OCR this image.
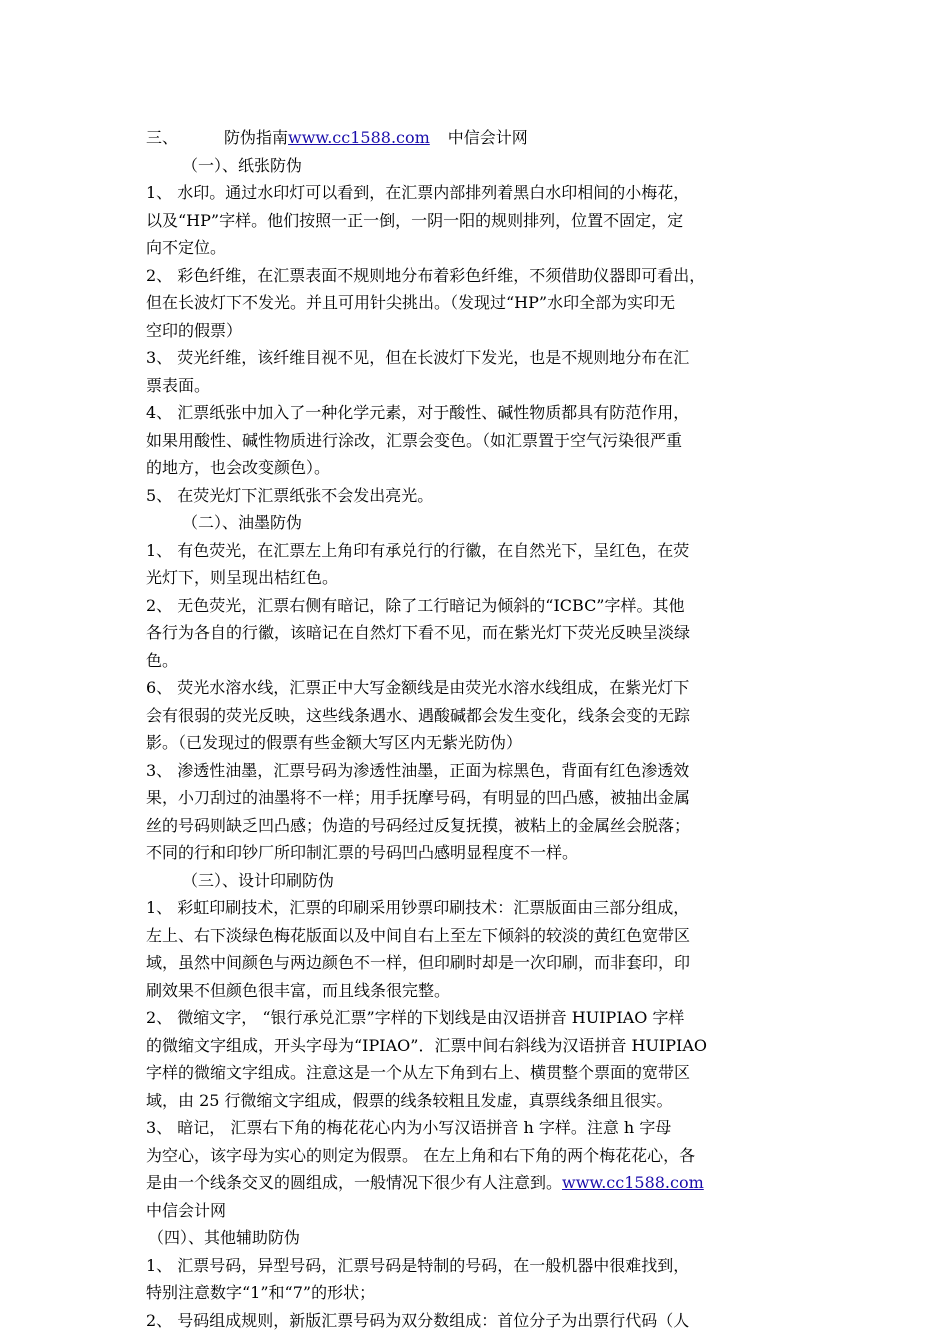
三、	防伪指南www.cc1588.com 中信会计网
（一）、纸张防伪
1、 水印。通过水印灯可以看到，在汇票内部排列着黑白水印相间的小梅花，
以及“HP”字样。他们按照一正一倒，一阴一阳的规则排列，位置不固定，定
向不定位。
2、 彩色纤维，在汇票表面不规则地分布着彩色纤维，不须借助仪器即可看出，
但在长波灯下不发光。并且可用针尖挑出。（发现过“HP”水印全部为实印无
空印的假票）
3、 荧光纤维，该纤维目视不见，但在长波灯下发光，也是不规则地分布在汇
票表面。
4、 汇票纸张中加入了一种化学元素，对于酸性、碱性物质都具有防范作用，
如果用酸性、碱性物质进行涂改，汇票会变色。（如汇票置于空气污染很严重
的地方，也会改变颜色）。
5、 在荧光灯下汇票纸张不会发出亮光。
（二）、油墨防伪
1、 有色荧光，在汇票左上角印有承兑行的行徽，在自然光下，呈红色，在荧
光灯下，则呈现出桔红色。
2、 无色荧光，汇票右侧有暗记，除了工行暗记为倾斜的“ICBC”字样。其他
各行为各自的行徽，该暗记在自然灯下看不见，而在紫光灯下荧光反映呈淡绿
色。
6、 荧光水溶水线，汇票正中大写金额线是由荧光水溶水线组成，在紫光灯下
会有很弱的荧光反映，这些线条遇水、遇酸碱都会发生变化，线条会变的无踪
影。（已发现过的假票有些金额大写区内无紫光防伪）
3、 渗透性油墨，汇票号码为渗透性油墨，正面为棕黑色，背面有红色渗透效
果，小刀刮过的油墨将不一样；用手抚摩号码，有明显的凹凸感，被抽出金属
丝的号码则缺乏凹凸感；伪造的号码经过反复抚摸，被粘上的金属丝会脱落；
不同的行和印钞厂所印制汇票的号码凹凸感明显程度不一样。
（三）、设计印刷防伪
1、 彩虹印刷技术，汇票的印刷采用钞票印刷技术：汇票版面由三部分组成，
左上、右下淡绿色梅花版面以及中间自右上至左下倾斜的较淡的黄红色宽带区
域，虽然中间颜色与两边颜色不一样，但印刷时却是一次印刷，而非套印，印
刷效果不但颜色很丰富，而且线条很完整。
2、 微缩文字， “银行承兑汇票”字样的下划线是由汉语拼音 HUIPIAO 字样
的微缩文字组成，开头字母为“IPIAO”．汇票中间右斜线为汉语拼音 HUIPIAO
字样的微缩文字组成。注意这是一个从左下角到右上、横贯整个票面的宽带区
域，由 25 行微缩文字组成，假票的线条较粗且发虚，真票线条细且很实。
3、 暗记， 汇票右下角的梅花花心内为小写汉语拼音 h 字样。注意 h 字母
为空心，该字母为实心的则定为假票。 在左上角和右下角的两个梅花花心，各
是由一个线条交叉的圆组成，一般情况下很少有人注意到。www.cc1588.com
中信会计网
（四）、其他辅助防伪
1、 汇票号码，异型号码，汇票号码是特制的号码，在一般机器中很难找到，
特别注意数字“1”和“7”的形状；
2、 号码组成规则，新版汇票号码为双分数组成：首位分子为出票行代码（人
